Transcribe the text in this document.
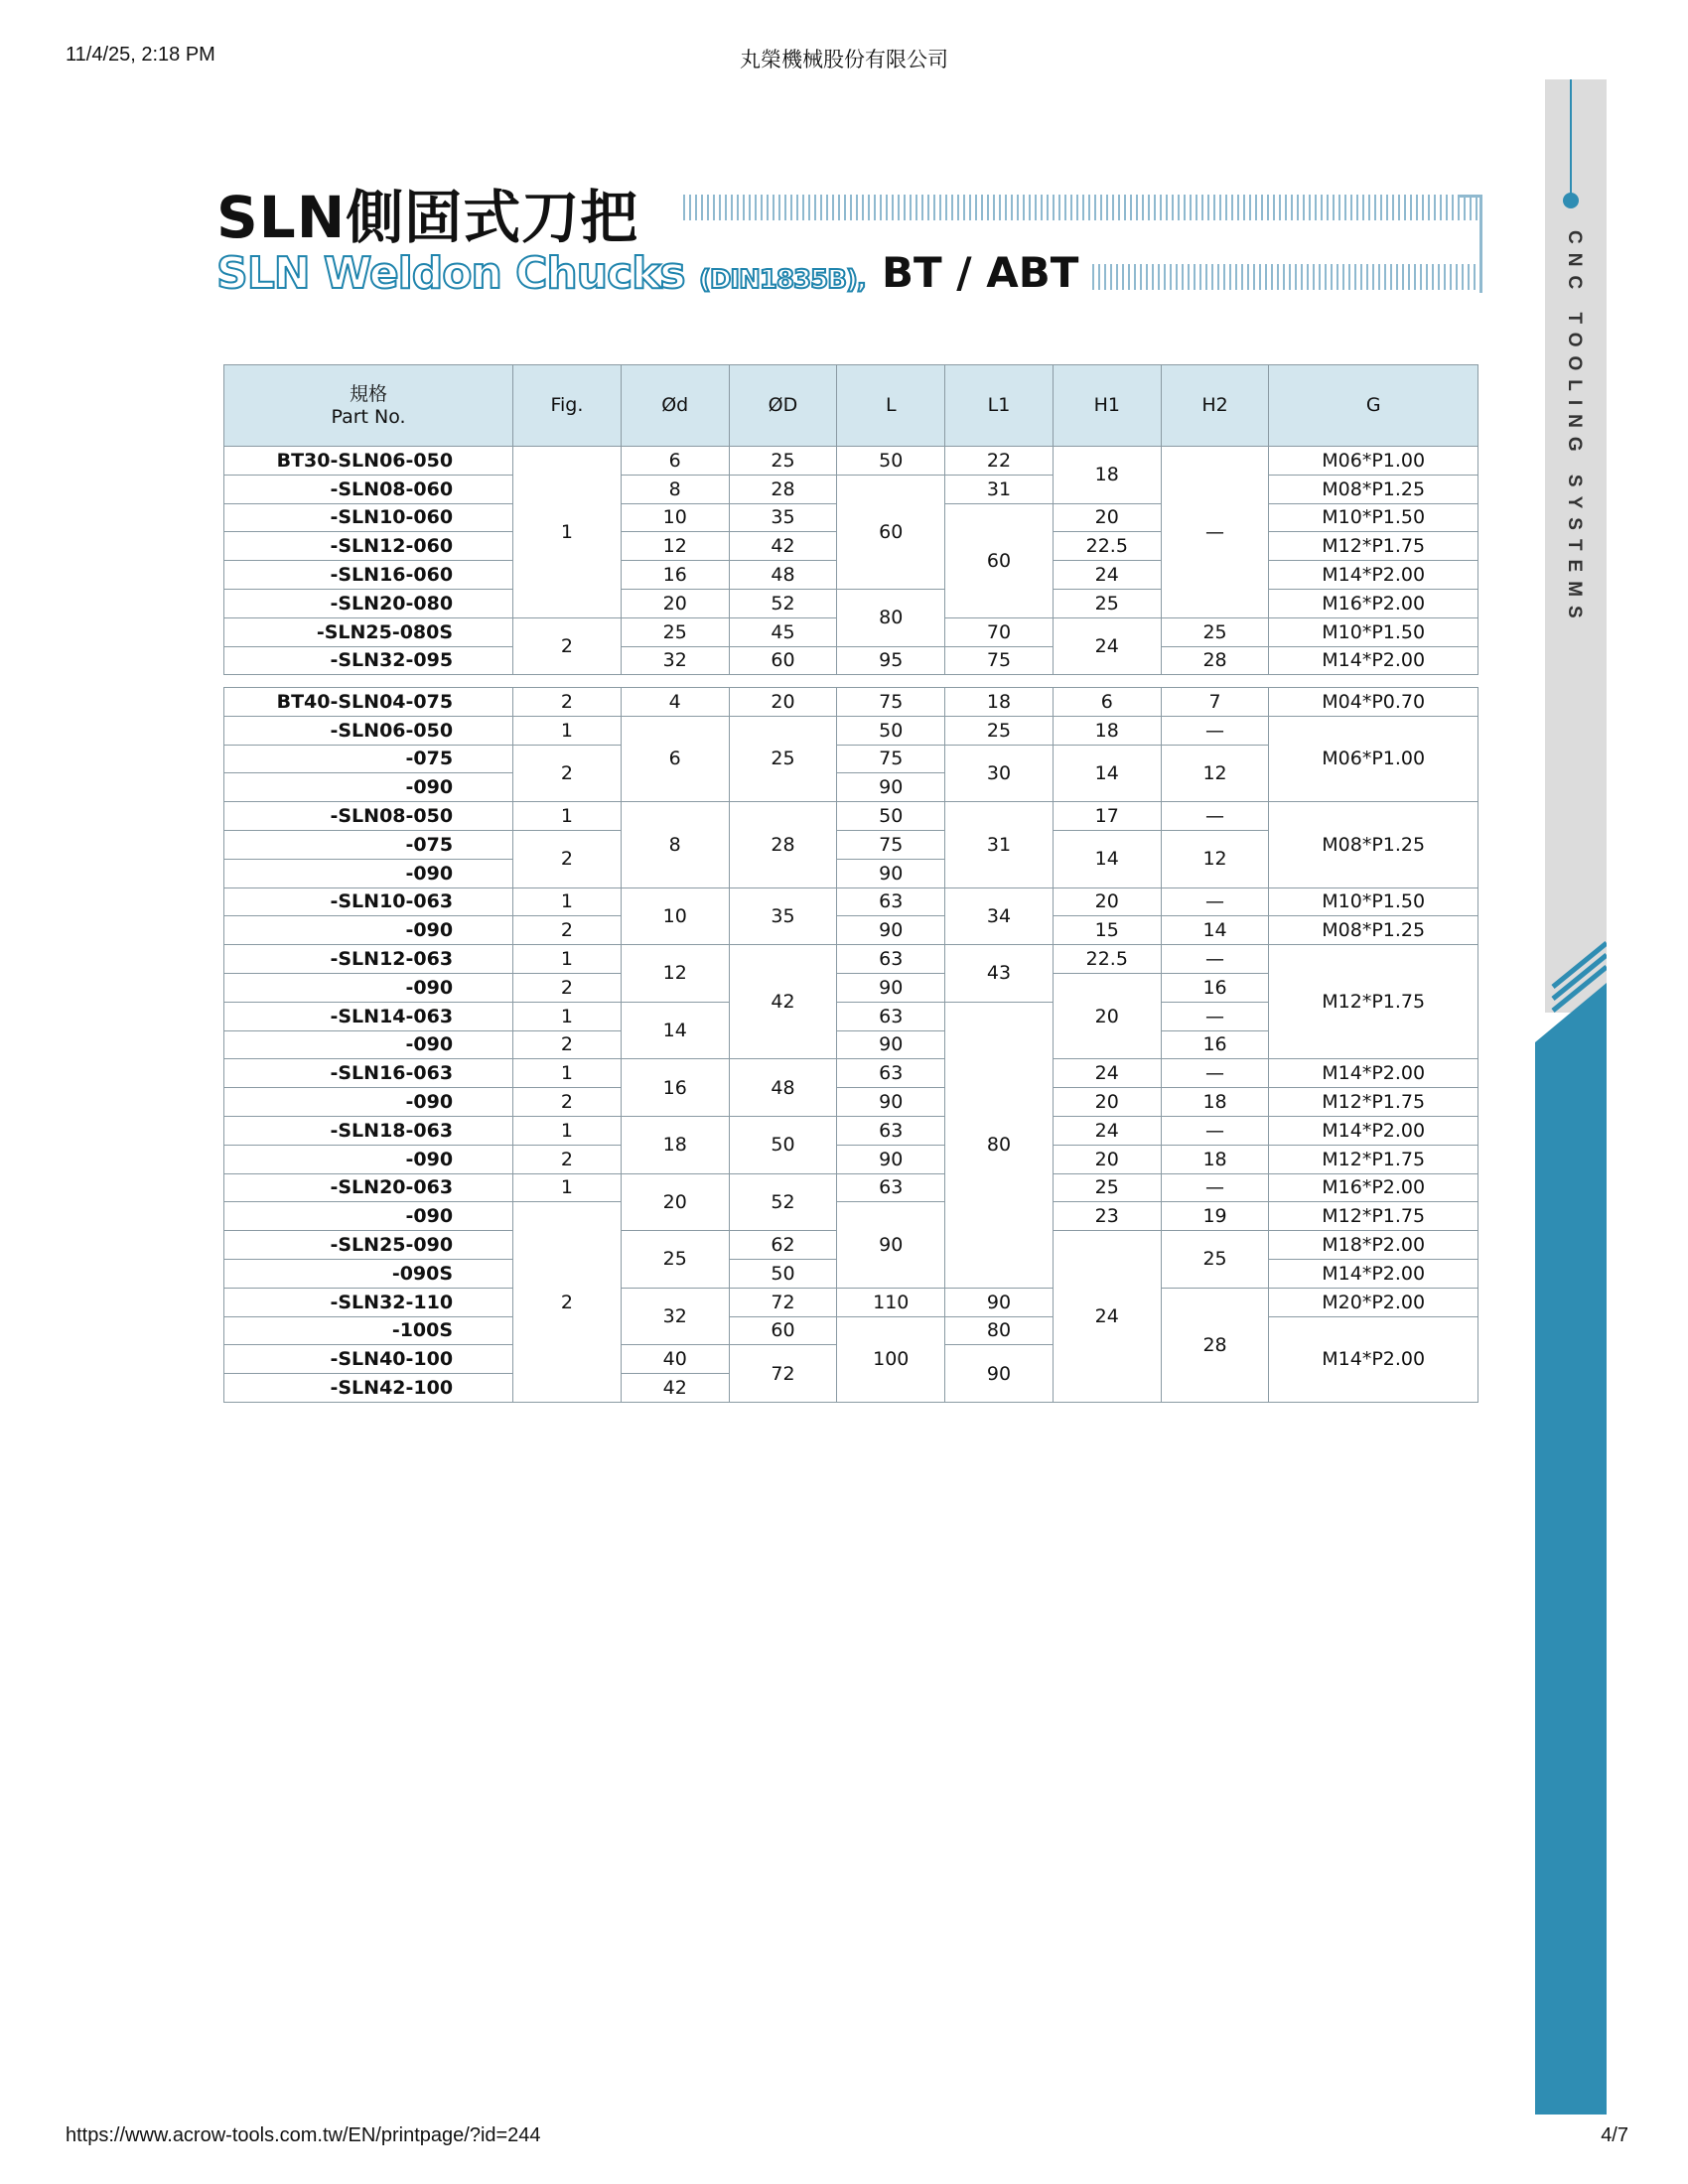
11/4/25, 2:18 PM	丸榮機械股份有限公司
https://www.acrow-tools.com.tw/EN/printpage/?id=244	4/7
CNC TOOLING SYSTEMS
SLN側固式刀把
SLN Weldon Chucks (DIN1835B), BT / ABT
規格
Part No.	Fig.	Ød	ØD	L	L1	H1	H2	G
BT30-SLN06-050	1	6	25	50	22	18	—	M06*P1.00
-SLN08-060		8	28	60	31			M08*P1.25
-SLN10-060		10	35		60	20		M10*P1.50
-SLN12-060		12	42			22.5		M12*P1.75
-SLN16-060		16	48			24		M14*P2.00
-SLN20-080		20	52	80		25		M16*P2.00
-SLN25-080S	2	25	45		70	24	25	M10*P1.50
-SLN32-095		32	60	95	75		28	M14*P2.00
BT40-SLN04-075	2	4	20	75	18	6	7	M04*P0.70
-SLN06-050	1	6	25	50	25	18	—	M06*P1.00
-075	2			75	30	14	12	
-090				90				
-SLN08-050	1	8	28	50	31	17	—	M08*P1.25
-075	2			75		14	12	
-090				90				
-SLN10-063	1	10	35	63	34	20	—	M10*P1.50
-090	2			90		15	14	M08*P1.25
-SLN12-063	1	12	42	63	43	22.5	—	M12*P1.75
-090	2			90		20	16	
-SLN14-063	1	14		63	80		—	
-090	2			90			16	
-SLN16-063	1	16	48	63		24	—	M14*P2.00
-090	2			90		20	18	M12*P1.75
-SLN18-063	1	18	50	63		24	—	M14*P2.00
-090	2			90		20	18	M12*P1.75
-SLN20-063	1	20	52	63		25	—	M16*P2.00
-090	2			90		23	19	M12*P1.75
-SLN25-090		25	62			24	25	M18*P2.00
-090S			50					M14*P2.00
-SLN32-110		32	72	110	90		28	M20*P2.00
-100S			60	100	80			M14*P2.00
-SLN40-100		40	72		90			
-SLN42-100		42						
